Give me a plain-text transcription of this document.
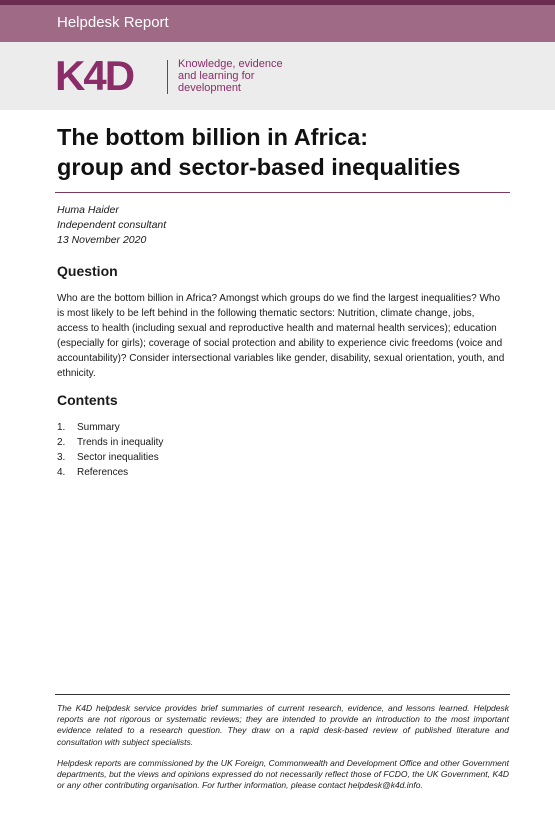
Helpdesk Report
K4D	Knowledge, evidence
and learning for
development
The bottom billion in Africa:
group and sector-based inequalities
Huma Haider
Independent consultant
13 November 2020
Question

Who are the bottom billion in Africa? Amongst which groups do we find the largest inequalities? Who is most likely to be left behind in the following thematic sectors: Nutrition, climate change, jobs, access to health (including sexual and reproductive health and maternal health services); education (especially for girls); coverage of social protection and ability to experience civic freedoms (voice and accountability)? Consider intersectional variables like gender, disability, sexual orientation, youth, and ethnicity.

Contents
1. Summary
2. Trends in inequality
3. Sector inequalities
4. References

The K4D helpdesk service provides brief summaries of current research, evidence, and lessons learned. Helpdesk reports are not rigorous or systematic reviews; they are intended to provide an introduction to the most important evidence related to a research question. They draw on a rapid desk-based review of published literature and consultation with subject specialists.

Helpdesk reports are commissioned by the UK Foreign, Commonwealth and Development Office and other Government departments, but the views and opinions expressed do not necessarily reflect those of FCDO, the UK Government, K4D or any other contributing organisation. For further information, please contact helpdesk@k4d.info.
